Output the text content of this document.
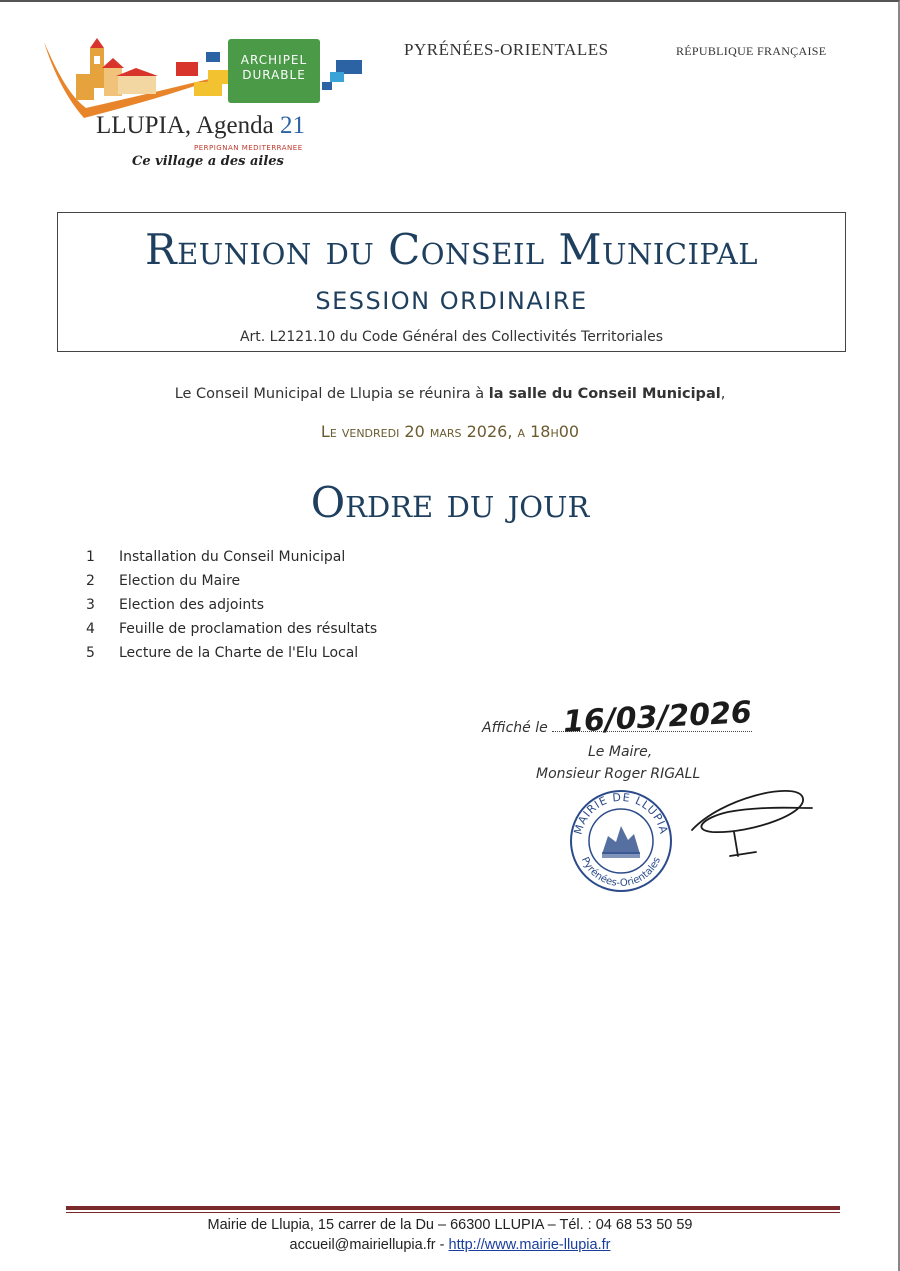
ARCHIPEL
DURABLE
LLUPIA, Agenda 21
PERPIGNAN MEDITERRANEE
Ce village a des ailes
PYRÉNÉES-ORIENTALES	RÉPUBLIQUE FRANÇAISE
Reunion du Conseil Municipal
SESSION ORDINAIRE
Art. L2121.10 du Code Général des Collectivités Territoriales
Le Conseil Municipal de Llupia se réunira à la salle du Conseil Municipal,
Le vendredi 20 mars 2026, a 18h00
Ordre du jour
1 Installation du Conseil Municipal
2 Election du Maire
3 Election des adjoints
4 Feuille de proclamation des résultats
5 Lecture de la Charte de l'Elu Local
Affiché le 16/03/2026
Le Maire,
Monsieur Roger RIGALL
MAIRIE DE LLUPIA
Pyrénées-Orientales
Mairie de Llupia, 15 carrer de la Du – 66300 LLUPIA – Tél. : 04 68 53 50 59
accueil@mairiellupia.fr - http://www.mairie-llupia.fr
